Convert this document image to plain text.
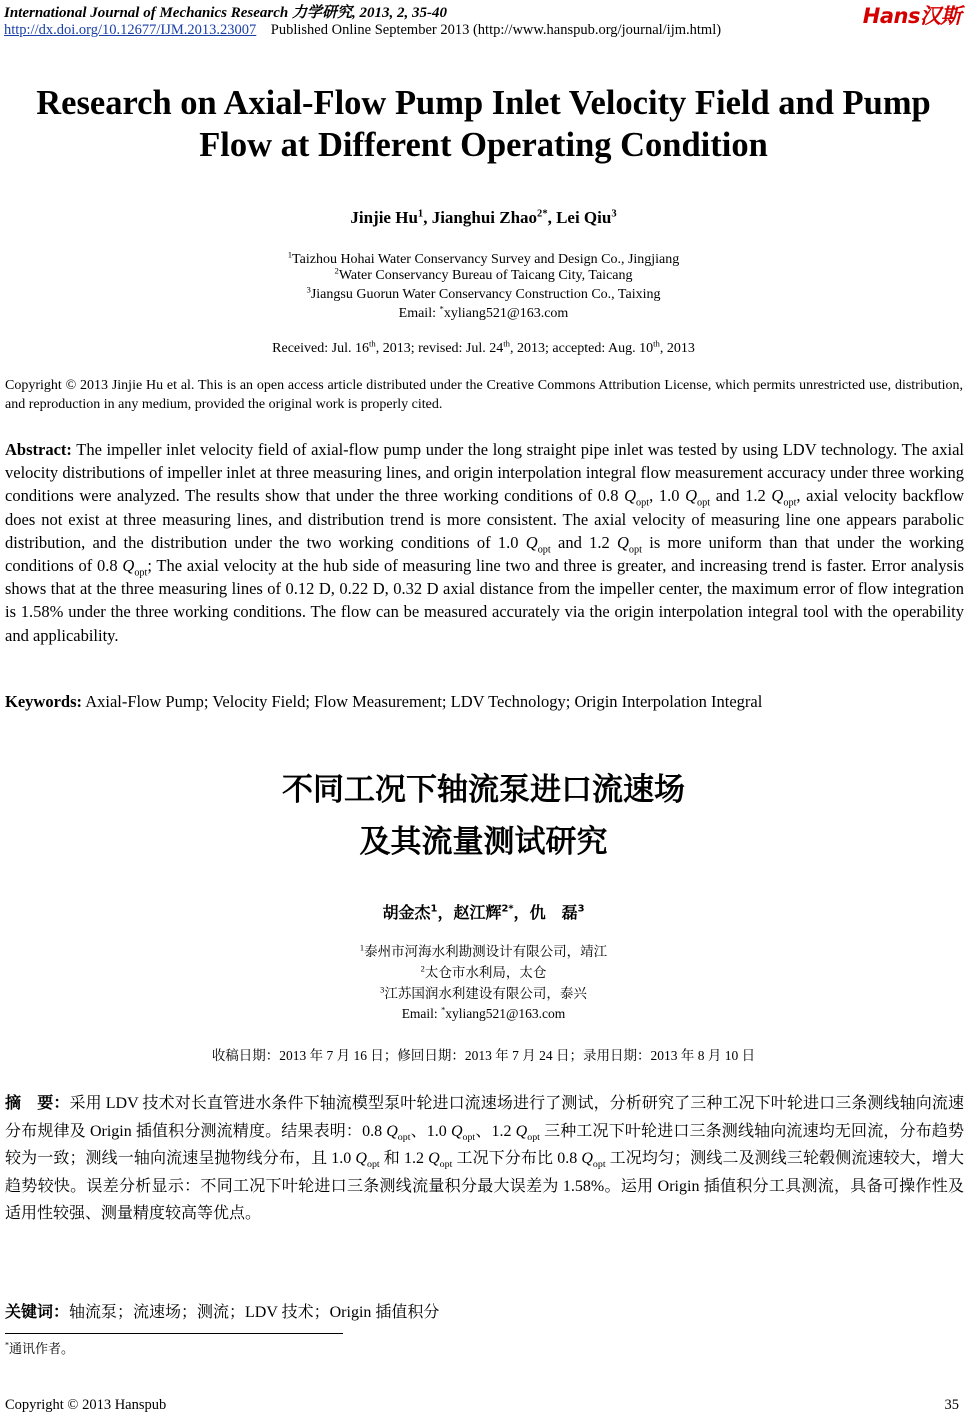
International Journal of Mechanics Research 力学研究, 2013, 2, 35-40
http://dx.doi.org/10.12677/IJM.2013.23007 Published Online September 2013 (http://www.hanspub.org/journal/ijm.html)
Hans汉斯
Research on Axial-Flow Pump Inlet Velocity Field and Pump
Flow at Different Operating Condition
Jinjie Hu$^1$, Jianghui Zhao$^{2*}$, Lei Qiu$^3$
$^1$Taizhou Hohai Water Conservancy Survey and Design Co., Jingjiang
$^2$Water Conservancy Bureau of Taicang City, Taicang
$^3$Jiangsu Guorun Water Conservancy Construction Co., Taixing
Email: *xyliang521@163.com
Received: Jul. 16th, 2013; revised: Jul. 24th, 2013; accepted: Aug. 10th, 2013
Copyright © 2013 Jinjie Hu et al. This is an open access article distributed under the Creative Commons Attribution License, which permits unrestricted use, distribution, and reproduction in any medium, provided the original work is properly cited.
Abstract: The impeller inlet velocity field of axial-flow pump under the long straight pipe inlet was tested by using LDV technology. The axial velocity distributions of impeller inlet at three measuring lines, and origin interpolation integral flow measurement accuracy under three working conditions were analyzed. The results show that under the three working conditions of 0.8 $Q_{opt}$, 1.0 $Q_{opt}$ and 1.2 $Q_{opt}$, axial velocity backflow does not exist at three measuring lines, and distribution trend is more consistent. The axial velocity of measuring line one appears parabolic distribution, and the distribution under the two working conditions of 1.0 $Q_{opt}$ and 1.2 $Q_{opt}$ is more uniform than that under the working conditions of 0.8 $Q_{opt}$; The axial velocity at the hub side of measuring line two and three is greater, and increasing trend is faster. Error analysis shows that at the three measuring lines of 0.12 D, 0.22 D, 0.32 D axial distance from the impeller center, the maximum error of flow integration is 1.58% under the three working conditions. The flow can be measured accurately via the origin interpolation integral tool with the operability and applicability.
Keywords: Axial-Flow Pump; Velocity Field; Flow Measurement; LDV Technology; Origin Interpolation Integral
不同工况下轴流泵进口流速场
及其流量测试研究
胡金杰$^1$，赵江辉$^{2*}$，仇　磊$^3$
$^1$泰州市河海水利勘测设计有限公司，靖江
$^2$太仓市水利局，太仓
$^3$江苏国润水利建设有限公司，泰兴
Email: *xyliang521@163.com
收稿日期：2013 年 7 月 16 日；修回日期：2013 年 7 月 24 日；录用日期：2013 年 8 月 10 日
摘　要：采用 LDV 技术对长直管进水条件下轴流模型泵叶轮进口流速场进行了测试，分析研究了三种工况下叶轮进口三条测线轴向流速分布规律及 Origin 插值积分测流精度。结果表明：0.8 $Q_{opt}$、1.0 $Q_{opt}$、1.2 $Q_{opt}$ 三种工况下叶轮进口三条测线轴向流速均无回流，分布趋势较为一致；测线一轴向流速呈抛物线分布，且 1.0 $Q_{opt}$ 和 1.2 $Q_{opt}$ 工况下分布比 0.8 $Q_{opt}$ 工况均匀；测线二及测线三轮毂侧流速较大，增大趋势较快。误差分析显示：不同工况下叶轮进口三条测线流量积分最大误差为 1.58%。运用 Origin 插值积分工具测流，具备可操作性及适用性较强、测量精度较高等优点。
关键词：轴流泵；流速场；测流；LDV 技术；Origin 插值积分
*通讯作者。
Copyright © 2013 Hanspub	35
